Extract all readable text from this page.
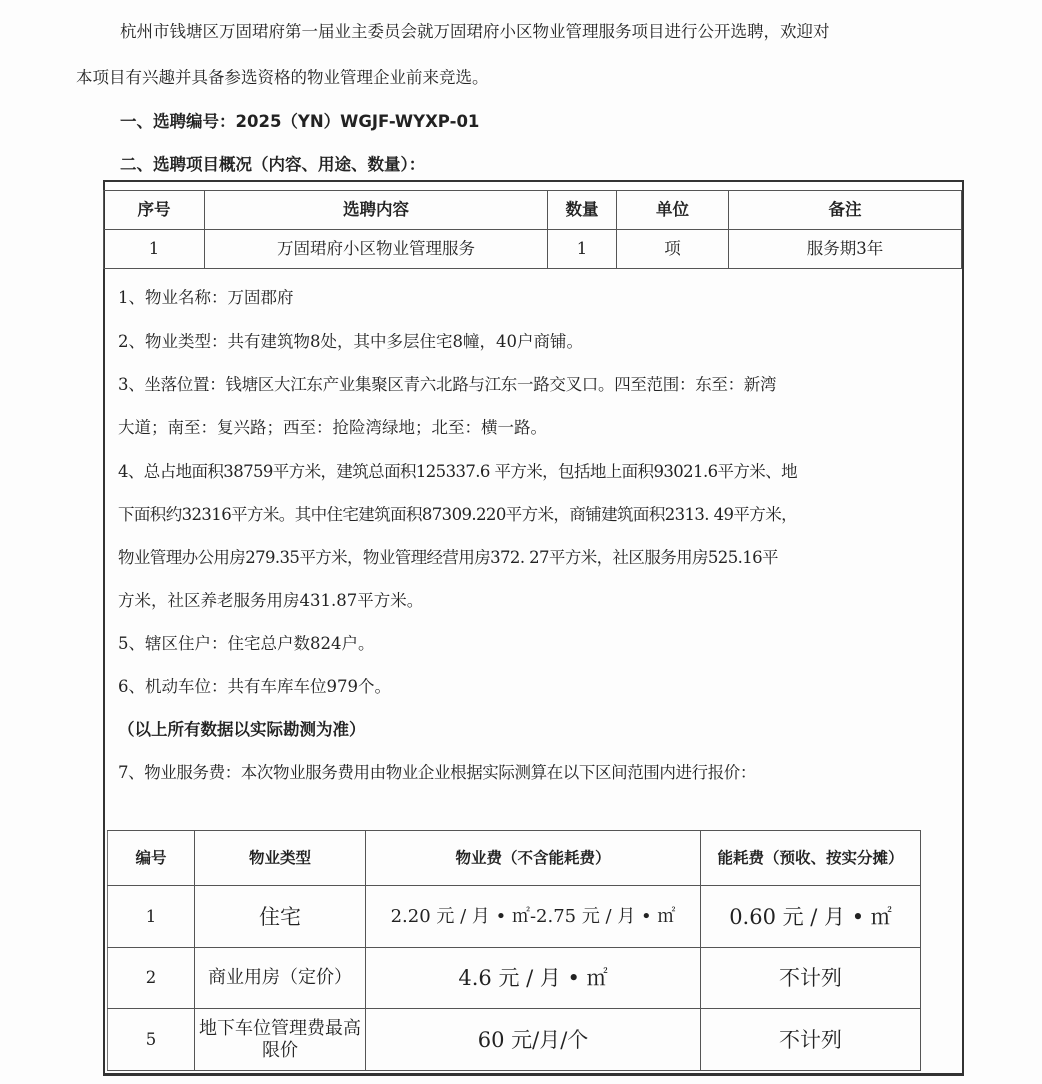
杭州市钱塘区万固珺府第一届业主委员会就万固珺府小区物业管理服务项目进行公开选聘，欢迎对
本项目有兴趣并具备参选资格的物业管理企业前来竞选。
一、选聘编号：2025（YN）WGJF-WYXP-01
二、选聘项目概况（内容、用途、数量）：
序号	选聘内容	数量	单位	备注
1	万固珺府小区物业管理服务	1	项	服务期3年
1、物业名称：万固郡府
2、物业类型：共有建筑物8处，其中多层住宅8幢，40户商铺。
3、坐落位置：钱塘区大江东产业集聚区青六北路与江东一路交叉口。四至范围：东至：新湾
大道；南至：复兴路；西至：抢险湾绿地；北至：横一路。
4、总占地面积38759平方米，建筑总面积125337.6 平方米，包括地上面积93021.6平方米、地
下面积约32316平方米。其中住宅建筑面积87309.220平方米，商铺建筑面积2313. 49平方米，
物业管理办公用房279.35平方米，物业管理经营用房372. 27平方米，社区服务用房525.16平
方米，社区养老服务用房431.87平方米。
5、辖区住户：住宅总户数824户。
6、机动车位：共有车库车位979个。
（以上所有数据以实际勘测为准）
7、物业服务费：本次物业服务费用由物业企业根据实际测算在以下区间范围内进行报价：
编号	物业类型	物业费（不含能耗费）	能耗费（预收、按实分摊）
1	住宅	2.20 元 / 月 • ㎡-2.75 元 / 月 • ㎡	0.60 元 / 月 • ㎡
2	商业用房（定价）	4.6 元 / 月 • ㎡	不计列
5	地下车位管理费最高限价	60 元/月/个	不计列
